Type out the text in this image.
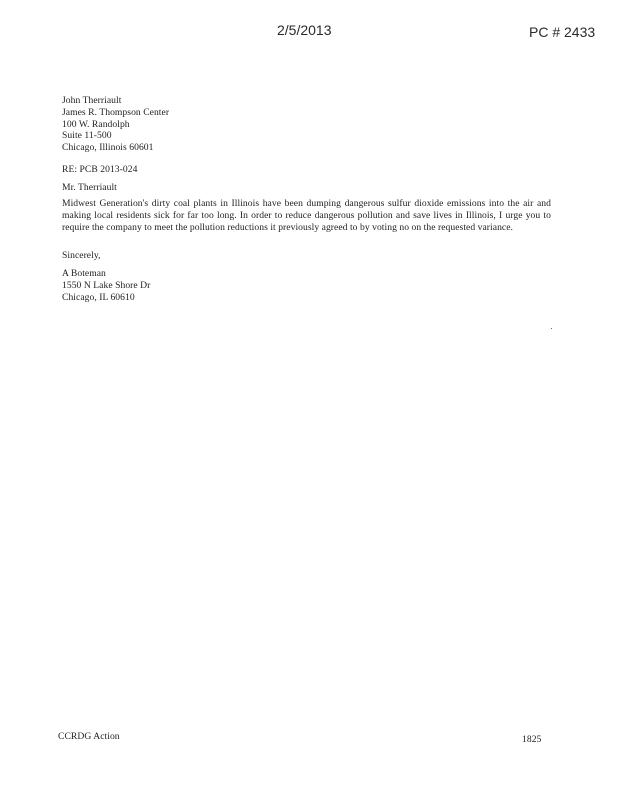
2/5/2013	PC # 2433
John Therriault
James R. Thompson Center
100 W. Randolph
Suite 11-500
Chicago, Illinois 60601
RE: PCB 2013-024
Mr. Therriault
Midwest Generation's dirty coal plants in Illinois have been dumping dangerous sulfur dioxide emissions into the air and making local residents sick for far too long. In order to reduce dangerous pollution and save lives in Illinois, I urge you to require the company to meet the pollution reductions it previously agreed to by voting no on the requested variance.
Sincerely,
A Boteman
1550 N Lake Shore Dr
Chicago, IL 60610
CCRDG Action	1825
